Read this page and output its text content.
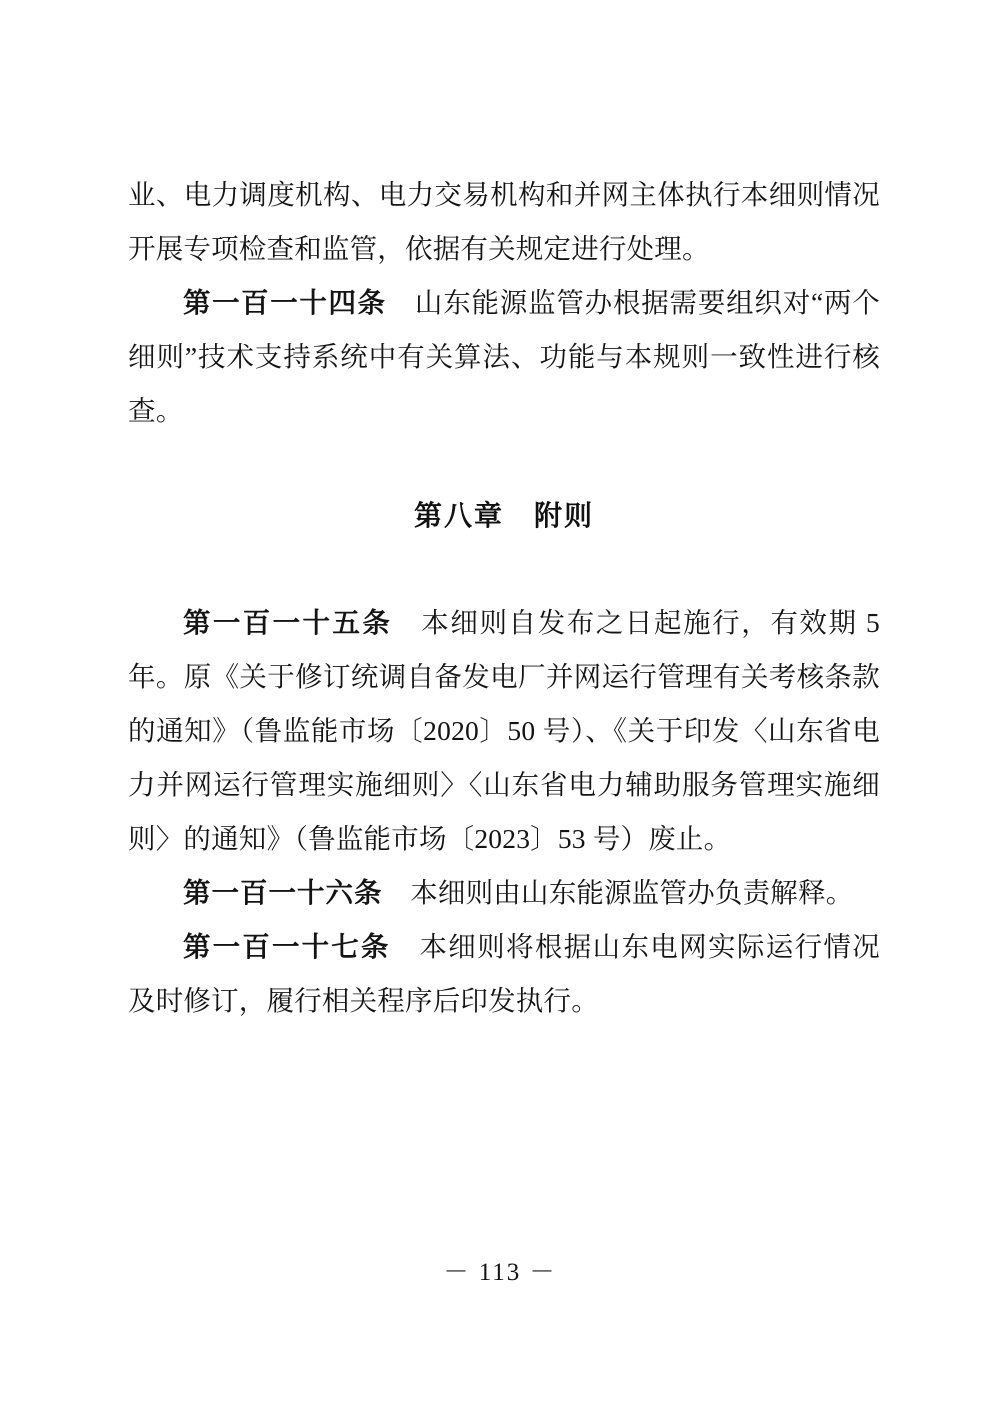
业、电力调度机构、电力交易机构和并网主体执行本细则情况开展专项检查和监管，依据有关规定进行处理。

第一百一十四条　山东能源监管办根据需要组织对“两个细则”技术支持系统中有关算法、功能与本规则一致性进行核查。

第八章　附则

第一百一十五条　本细则自发布之日起施行，有效期 5 年。原《关于修订统调自备发电厂并网运行管理有关考核条款的通知》（鲁监能市场〔2020〕50 号）、《关于印发〈山东省电力并网运行管理实施细则〉〈山东省电力辅助服务管理实施细则〉的通知》（鲁监能市场〔2023〕53 号）废止。

第一百一十六条　本细则由山东能源监管办负责解释。

第一百一十七条　本细则将根据山东电网实际运行情况及时修订，履行相关程序后印发执行。

－ 113 －
